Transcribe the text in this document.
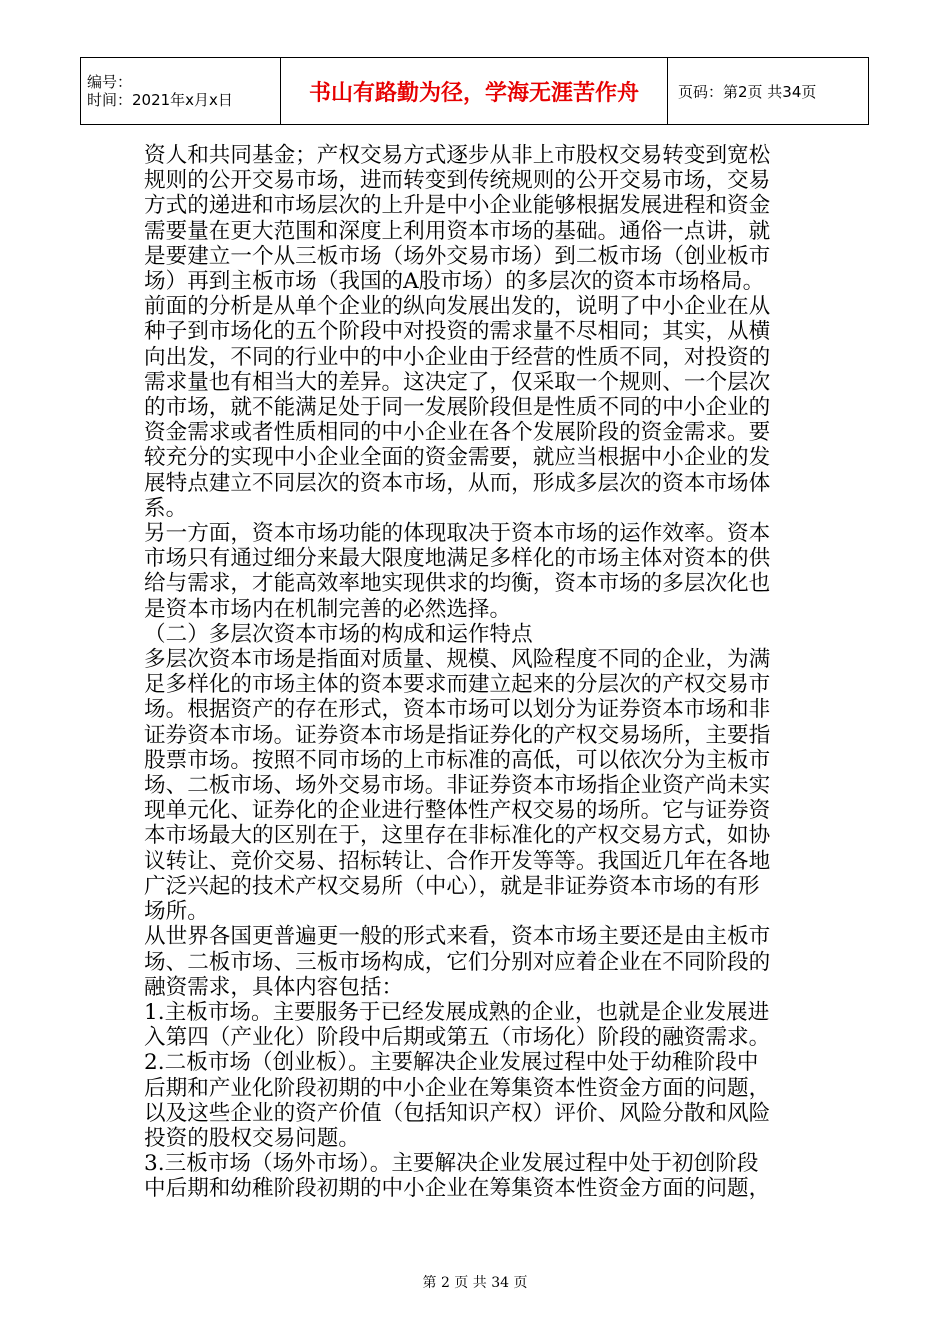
编号：
时间：2021年x月x日	书山有路勤为径，学海无涯苦作舟	页码：第2页 共34页
资人和共同基金；产权交易方式逐步从非上市股权交易转变到宽松
规则的公开交易市场，进而转变到传统规则的公开交易市场，交易
方式的递进和市场层次的上升是中小企业能够根据发展进程和资金
需要量在更大范围和深度上利用资本市场的基础。通俗一点讲，就
是要建立一个从三板市场（场外交易市场）到二板市场（创业板市
场）再到主板市场（我国的A股市场）的多层次的资本市场格局。
前面的分析是从单个企业的纵向发展出发的，说明了中小企业在从
种子到市场化的五个阶段中对投资的需求量不尽相同；其实，从横
向出发，不同的行业中的中小企业由于经营的性质不同，对投资的
需求量也有相当大的差异。这决定了，仅采取一个规则、一个层次
的市场，就不能满足处于同一发展阶段但是性质不同的中小企业的
资金需求或者性质相同的中小企业在各个发展阶段的资金需求。要
较充分的实现中小企业全面的资金需要，就应当根据中小企业的发
展特点建立不同层次的资本市场，从而，形成多层次的资本市场体
系。
另一方面，资本市场功能的体现取决于资本市场的运作效率。资本
市场只有通过细分来最大限度地满足多样化的市场主体对资本的供
给与需求，才能高效率地实现供求的均衡，资本市场的多层次化也
是资本市场内在机制完善的必然选择。
（二）多层次资本市场的构成和运作特点
多层次资本市场是指面对质量、规模、风险程度不同的企业，为满
足多样化的市场主体的资本要求而建立起来的分层次的产权交易市
场。根据资产的存在形式，资本市场可以划分为证券资本市场和非
证券资本市场。证券资本市场是指证券化的产权交易场所，主要指
股票市场。按照不同市场的上市标准的高低，可以依次分为主板市
场、二板市场、场外交易市场。非证券资本市场指企业资产尚未实
现单元化、证券化的企业进行整体性产权交易的场所。它与证券资
本市场最大的区别在于，这里存在非标准化的产权交易方式，如协
议转让、竞价交易、招标转让、合作开发等等。我国近几年在各地
广泛兴起的技术产权交易所（中心），就是非证券资本市场的有形
场所。
从世界各国更普遍更一般的形式来看，资本市场主要还是由主板市
场、二板市场、三板市场构成，它们分别对应着企业在不同阶段的
融资需求，具体内容包括：
1.主板市场。主要服务于已经发展成熟的企业，也就是企业发展进
入第四（产业化）阶段中后期或第五（市场化）阶段的融资需求。
2.二板市场（创业板）。主要解决企业发展过程中处于幼稚阶段中
后期和产业化阶段初期的中小企业在筹集资本性资金方面的问题，
以及这些企业的资产价值（包括知识产权）评价、风险分散和风险
投资的股权交易问题。
3.三板市场（场外市场）。主要解决企业发展过程中处于初创阶段
中后期和幼稚阶段初期的中小企业在筹集资本性资金方面的问题，
第 2 页 共 34 页
